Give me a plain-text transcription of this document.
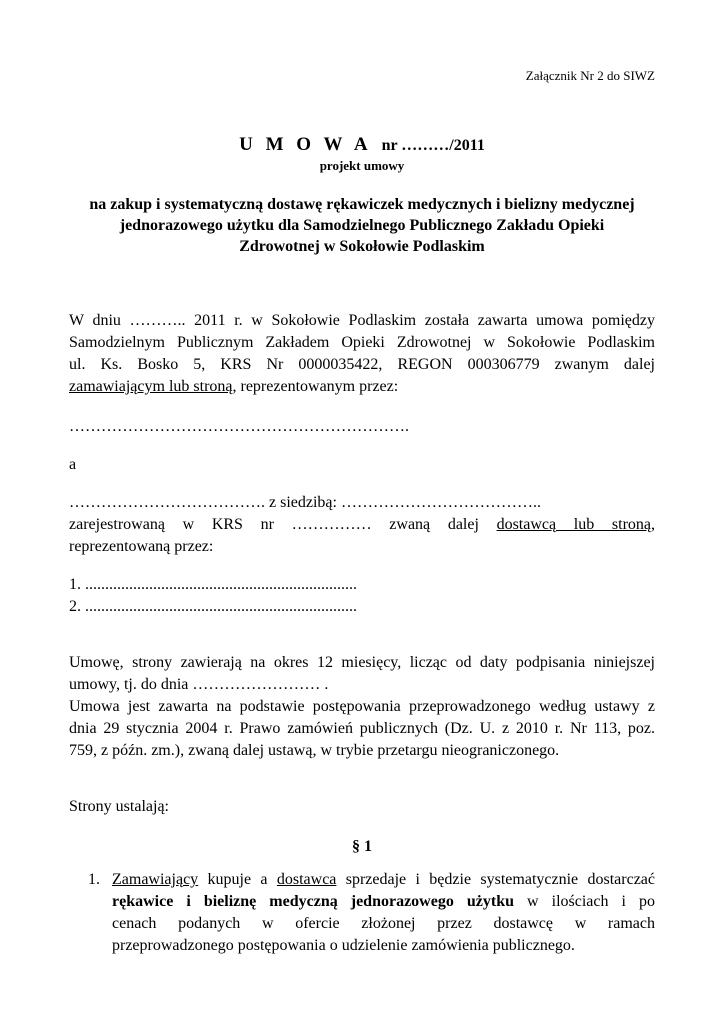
Załącznik Nr 2 do SIWZ
U M O W A nr ………/2011
projekt umowy
na zakup i systematyczną dostawę rękawiczek medycznych i bielizny medycznej
jednorazowego użytku dla Samodzielnego Publicznego Zakładu Opieki
Zdrowotnej w Sokołowie Podlaskim
W dniu ……….. 2011 r. w Sokołowie Podlaskim została zawarta umowa pomiędzy
Samodzielnym Publicznym Zakładem Opieki Zdrowotnej w Sokołowie Podlaskim
ul. Ks. Bosko 5, KRS Nr 0000035422, REGON 000306779 zwanym dalej
zamawiającym lub stroną, reprezentowanym przez:
……………………………………………………….
a
………………………………. z siedzibą: ………………………………..
zarejestrowaną w KRS nr …………… zwaną dalej dostawcą lub stroną,
reprezentowaną przez:
1. ....................................................................
2. ....................................................................
Umowę, strony zawierają na okres 12 miesięcy, licząc od daty podpisania niniejszej
umowy, tj. do dnia …………………… .
Umowa jest zawarta na podstawie postępowania przeprowadzonego według ustawy z
dnia 29 stycznia 2004 r. Prawo zamówień publicznych (Dz. U. z 2010 r. Nr 113, poz.
759, z późn. zm.), zwaną dalej ustawą, w trybie przetargu nieograniczonego.
Strony ustalają:
§ 1
1. Zamawiający kupuje a dostawca sprzedaje i będzie systematycznie dostarczać
rękawice i bieliznę medyczną jednorazowego użytku w ilościach i po
cenach podanych w ofercie złożonej przez dostawcę w ramach
przeprowadzonego postępowania o udzielenie zamówienia publicznego.
